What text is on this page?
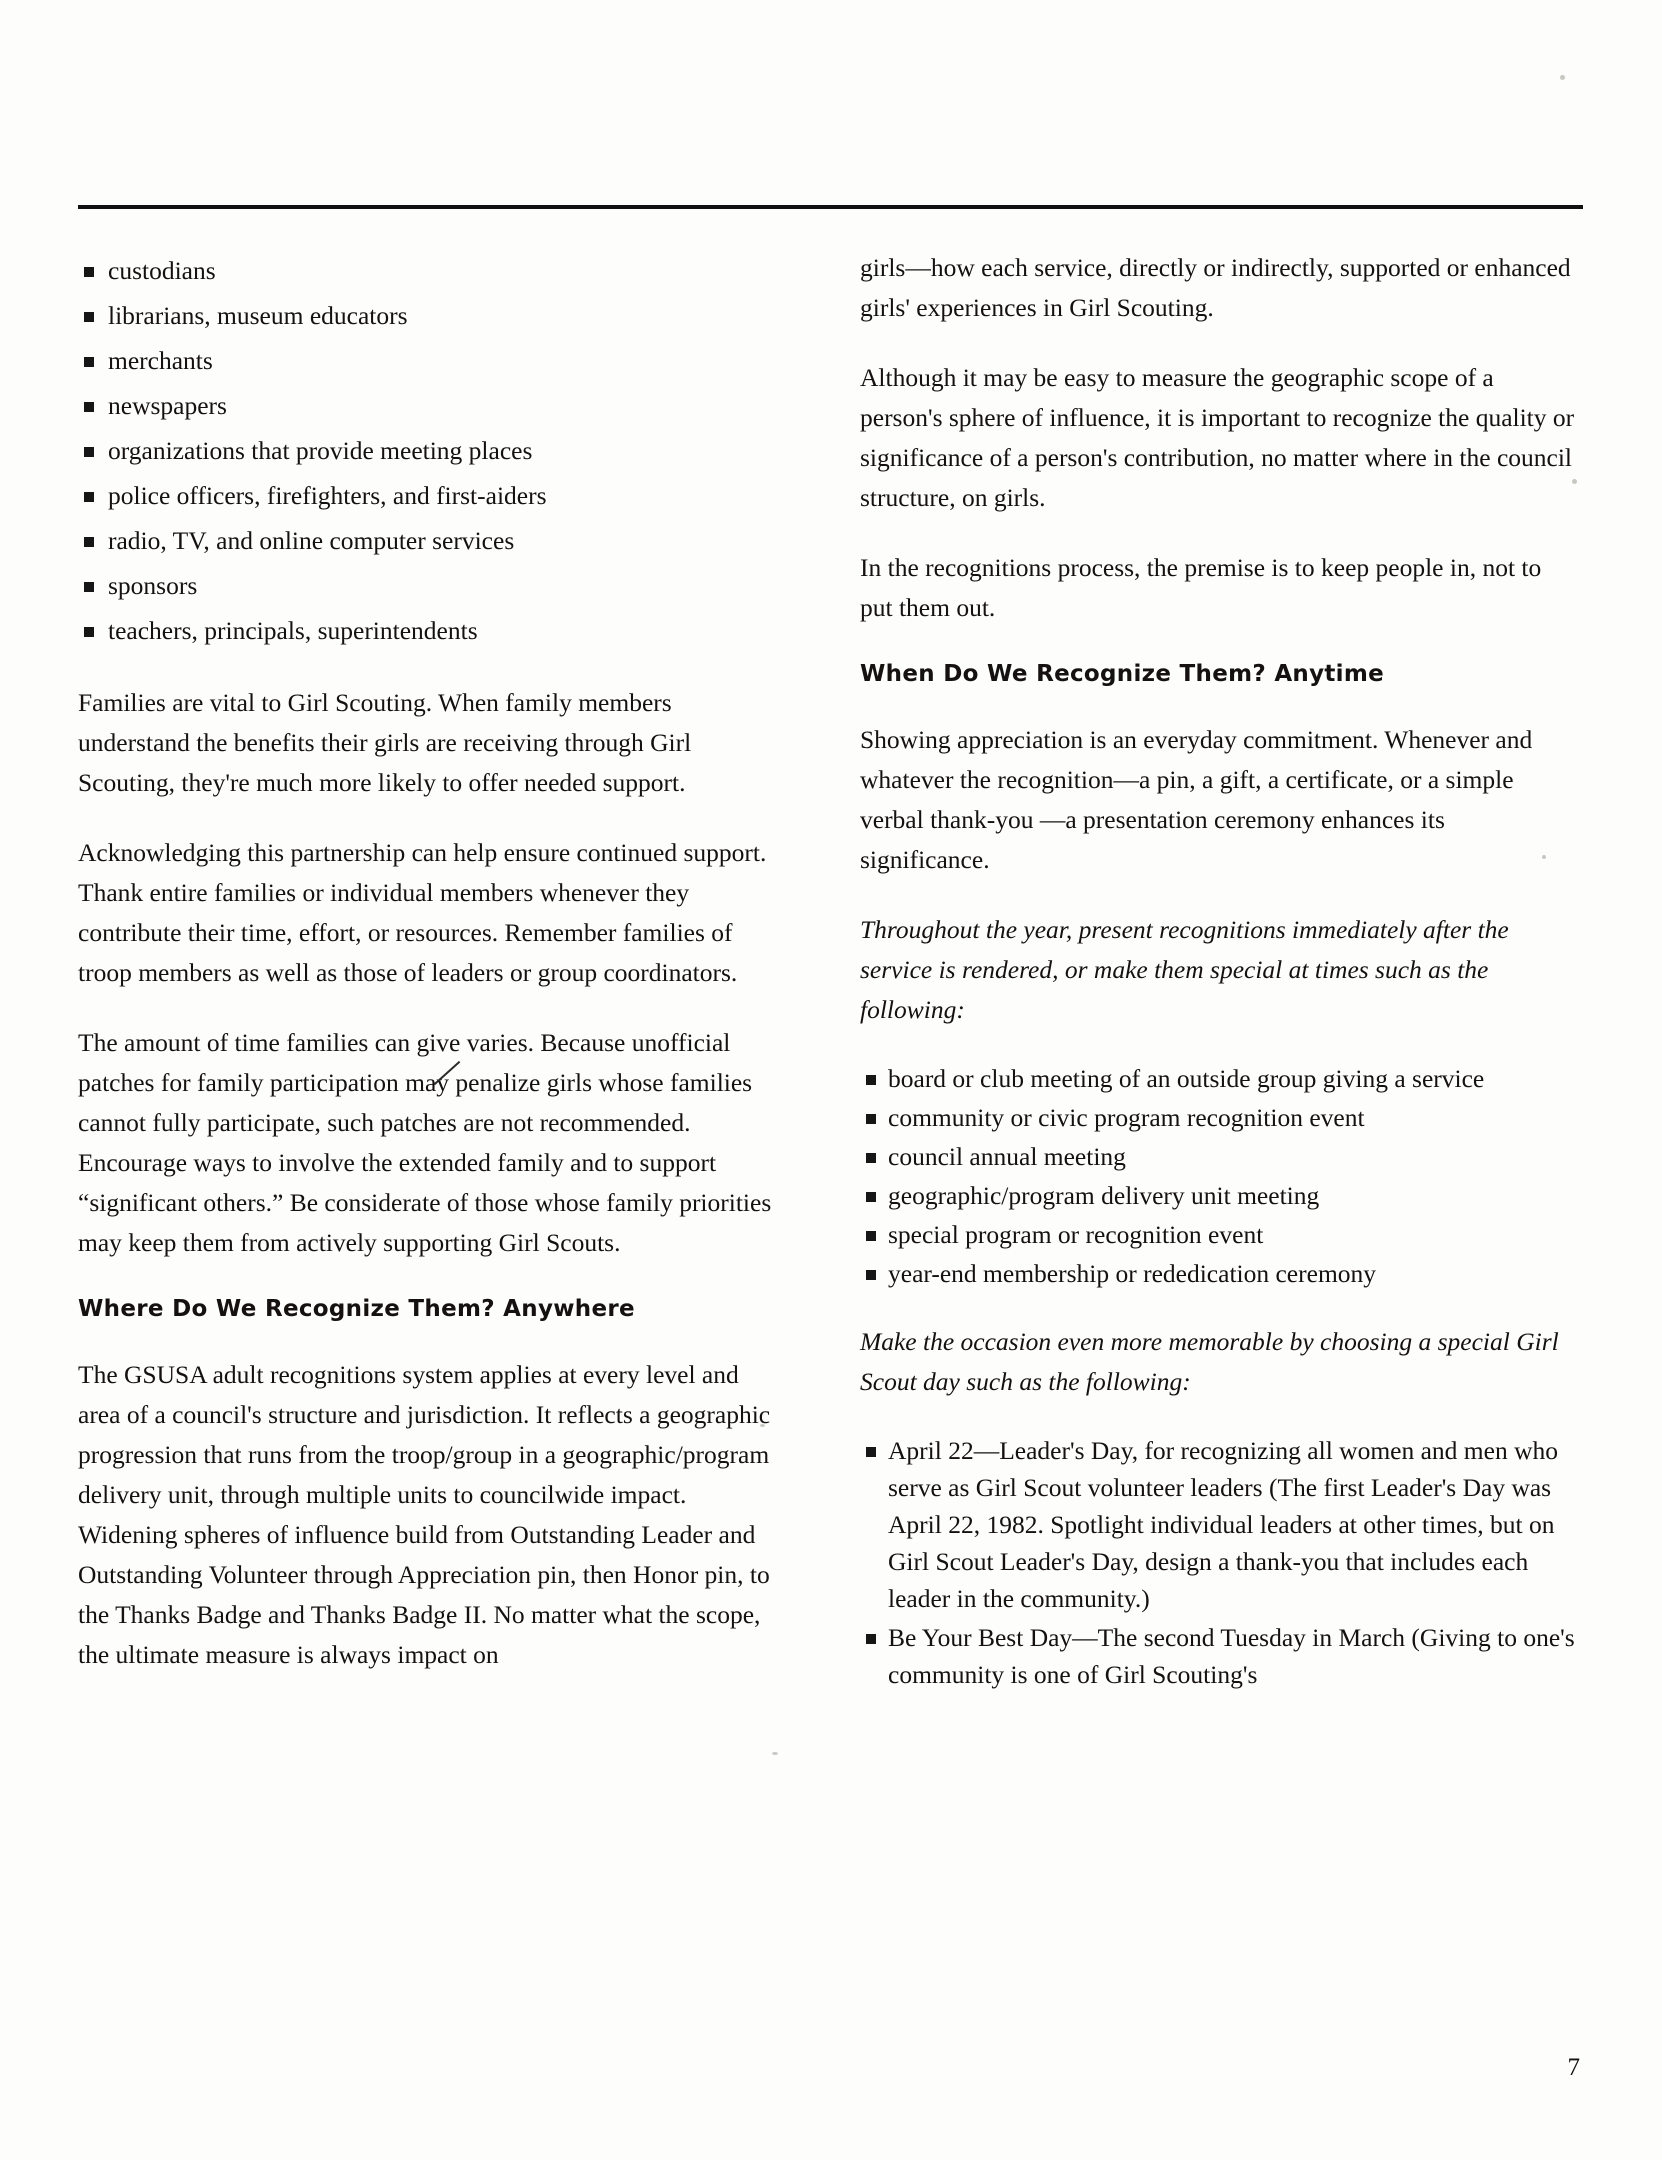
custodians
librarians, museum educators
merchants
newspapers
organizations that provide meeting places
police officers, firefighters, and first-aiders
radio, TV, and online computer services
sponsors
teachers, principals, superintendents

Families are vital to Girl Scouting. When family members understand the benefits their girls are receiving through Girl Scouting, they're much more likely to offer needed support.

Acknowledging this partnership can help ensure continued support. Thank entire families or individual members whenever they contribute their time, effort, or resources. Remember families of troop members as well as those of leaders or group coordinators.

The amount of time families can give varies. Because unofficial patches for family participation may penalize girls whose families cannot fully participate, such patches are not recommended. Encourage ways to involve the extended family and to support “significant others.” Be considerate of those whose family priorities may keep them from actively supporting Girl Scouts.

Where Do We Recognize Them? Anywhere

The GSUSA adult recognitions system applies at every level and area of a council's structure and jurisdiction. It reflects a geographic progression that runs from the troop/group in a geographic/program delivery unit, through multiple units to councilwide impact. Widening spheres of influence build from Outstanding Leader and Outstanding Volunteer through Appreciation pin, then Honor pin, to the Thanks Badge and Thanks Badge II. No matter what the scope, the ultimate measure is always impact on

girls—how each service, directly or indirectly, supported or enhanced girls' experiences in Girl Scouting.

Although it may be easy to measure the geographic scope of a person's sphere of influence, it is important to recognize the quality or significance of a person's contribution, no matter where in the council structure, on girls.

In the recognitions process, the premise is to keep people in, not to put them out.

When Do We Recognize Them? Anytime

Showing appreciation is an everyday commitment. Whenever and whatever the recognition—a pin, a gift, a certificate, or a simple verbal thank-you —a presentation ceremony enhances its significance.

Throughout the year, present recognitions immediately after the service is rendered, or make them special at times such as the following:

board or club meeting of an outside group giving a service
community or civic program recognition event
council annual meeting
geographic/program delivery unit meeting
special program or recognition event
year-end membership or rededication ceremony

Make the occasion even more memorable by choosing a special Girl Scout day such as the following:

April 22—Leader's Day, for recognizing all women and men who serve as Girl Scout volunteer leaders (The first Leader's Day was April 22, 1982. Spotlight individual leaders at other times, but on Girl Scout Leader's Day, design a thank-you that includes each leader in the community.)
Be Your Best Day—The second Tuesday in March (Giving to one's community is one of Girl Scouting's
7
